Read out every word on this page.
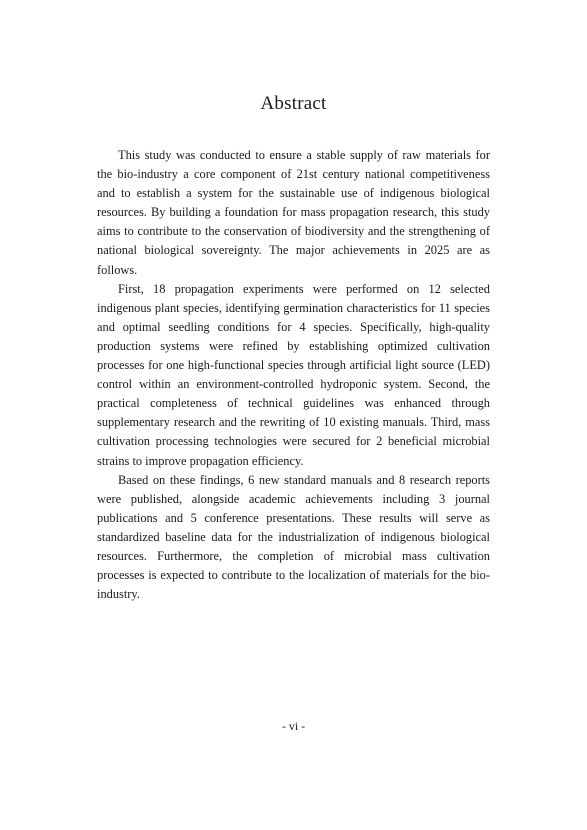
Abstract

This study was conducted to ensure a stable supply of raw materials for the bio-industry a core component of 21st century national competitiveness and to establish a system for the sustainable use of indigenous biological resources. By building a foundation for mass propagation research, this study aims to contribute to the conservation of biodiversity and the strengthening of national biological sovereignty. The major achievements in 2025 are as follows.

First, 18 propagation experiments were performed on 12 selected indigenous plant species, identifying germination characteristics for 11 species and optimal seedling conditions for 4 species. Specifically, high-quality production systems were refined by establishing optimized cultivation processes for one high-functional species through artificial light source (LED) control within an environment-controlled hydroponic system. Second, the practical completeness of technical guidelines was enhanced through supplementary research and the rewriting of 10 existing manuals. Third, mass cultivation processing technologies were secured for 2 beneficial microbial strains to improve propagation efficiency.

Based on these findings, 6 new standard manuals and 8 research reports were published, alongside academic achievements including 3 journal publications and 5 conference presentations. These results will serve as standardized baseline data for the industrialization of indigenous biological resources. Furthermore, the completion of microbial mass cultivation processes is expected to contribute to the localization of materials for the bio-industry.

- vi -
